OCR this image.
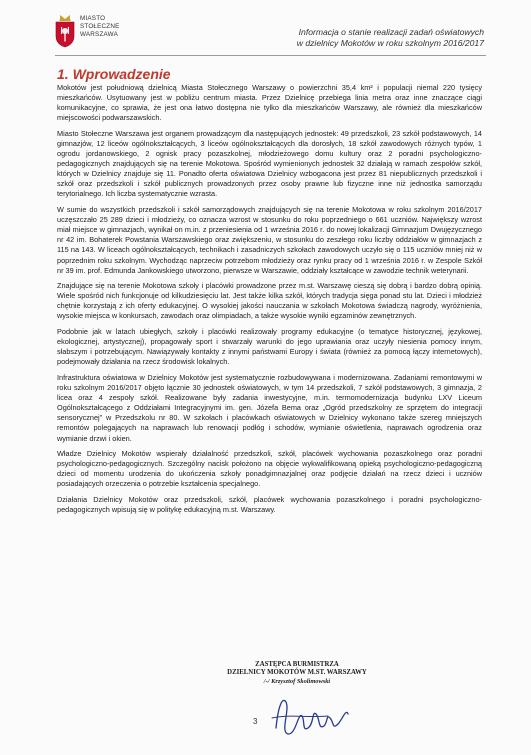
MIASTO
STOŁECZNE
WARSZAWA	Informacja o stanie realizacji zadań oświatowych
w dzielnicy Mokotów w roku szkolnym 2016/2017
1. Wprowadzenie

Mokotów jest południową dzielnicą Miasta Stołecznego Warszawy o powierzchni 35,4 km² i populacji niemal 220 tysięcy mieszkańców. Usytuowany jest w pobliżu centrum miasta. Przez Dzielnicę przebiega linia metra oraz inne znaczące ciągi komunikacyjne, co sprawia, że jest ona łatwo dostępna nie tylko dla mieszkańców Warszawy, ale również dla mieszkańców miejscowości podwarszawskich.

Miasto Stołeczne Warszawa jest organem prowadzącym dla następujących jednostek: 49 przedszkoli, 23 szkół podstawowych, 14 gimnazjów, 12 liceów ogólnokształcących, 3 liceów ogólnokształcących dla dorosłych, 18 szkół zawodowych różnych typów, 1 ogrodu jordanowskiego, 2 ognisk pracy pozaszkolnej, młodzieżowego domu kultury oraz 2 poradni psychologiczno-pedagogicznych znajdujących się na terenie Mokotowa. Spośród wymienionych jednostek 32 działają w ramach zespołów szkół, których w Dzielnicy znajduje się 11. Ponadto oferta oświatowa Dzielnicy wzbogacona jest przez 81 niepublicznych przedszkoli i szkół oraz przedszkoli i szkół publicznych prowadzonych przez osoby prawne lub fizyczne inne niż jednostka samorządu terytorialnego. Ich liczba systematycznie wzrasta.

W sumie do wszystkich przedszkoli i szkół samorządowych znajdujących się na terenie Mokotowa w roku szkolnym 2016/2017 uczęszczało 25 289 dzieci i młodzieży, co oznacza wzrost w stosunku do roku poprzedniego o 661 uczniów. Największy wzrost miał miejsce w gimnazjach, wynikał on m.in. z przeniesienia od 1 września 2016 r. do nowej lokalizacji Gimnazjum Dwujęzycznego nr 42 im. Bohaterek Powstania Warszawskiego oraz zwiększeniu, w stosunku do zeszłego roku liczby oddziałów w gimnazjach z 115 na 143. W liceach ogólnokształcących, technikach i zasadniczych szkołach zawodowych uczyło się o 115 uczniów mniej niż w poprzednim roku szkolnym. Wychodząc naprzeciw potrzebom młodzieży oraz rynku pracy od 1 września 2016 r. w Zespole Szkół nr 39 im. prof. Edmunda Jankowskiego utworzono, pierwsze w Warszawie, oddziały kształcące w zawodzie technik weterynarii.

Znajdujące się na terenie Mokotowa szkoły i placówki prowadzone przez m.st. Warszawę cieszą się dobrą i bardzo dobrą opinią. Wiele spośród nich funkcjonuje od kilkudziesięciu lat. Jest także kilka szkół, których tradycja sięga ponad stu lat. Dzieci i młodzież chętnie korzystają z ich oferty edukacyjnej. O wysokiej jakości nauczania w szkołach Mokotowa świadczą nagrody, wyróżnienia, wysokie miejsca w konkursach, zawodach oraz olimpiadach, a także wysokie wyniki egzaminów zewnętrznych.

Podobnie jak w latach ubiegłych, szkoły i placówki realizowały programy edukacyjne (o tematyce historycznej, językowej, ekologicznej, artystycznej), propagowały sport i stwarzały warunki do jego uprawiania oraz uczyły niesienia pomocy innym, słabszym i potrzebującym. Nawiązywały kontakty z innymi państwami Europy i świata (również za pomocą łączy internetowych), podejmowały działania na rzecz środowisk lokalnych.

Infrastruktura oświatowa w Dzielnicy Mokotów jest systematycznie rozbudowywana i modernizowana. Zadaniami remontowymi w roku szkolnym 2016/2017 objęto łącznie 30 jednostek oświatowych, w tym 14 przedszkoli, 7 szkół podstawowych, 3 gimnazja, 2 licea oraz 4 zespoły szkół. Realizowane były zadania inwestycyjne, m.in. termomodernizacja budynku LXV Liceum Ogólnokształcącego z Oddziałami Integracyjnymi im. gen. Józefa Bema oraz „Ogród przedszkolny ze sprzętem do integracji sensorycznej” w Przedszkolu nr 80. W szkołach i placówkach oświatowych w Dzielnicy wykonano także szereg mniejszych remontów polegających na naprawach lub renowacji podłóg i schodów, wymianie oświetlenia, naprawach ogrodzenia oraz wymianie drzwi i okien.

Władze Dzielnicy Mokotów wspierały działalność przedszkoli, szkół, placówek wychowania pozaszkolnego oraz poradni psychologiczno-pedagogicznych. Szczególny nacisk położono na objęcie wykwalifikowaną opieką psychologiczno-pedagogiczną dzieci od momentu urodzenia do ukończenia szkoły ponadgimnazjalnej oraz podjęcie działań na rzecz dzieci i uczniów posiadających orzeczenia o potrzebie kształcenia specjalnego.

Działania Dzielnicy Mokotów oraz przedszkoli, szkół, placówek wychowania pozaszkolnego i poradni psychologiczno-pedagogicznych wpisują się w politykę edukacyjną m.st. Warszawy.

ZASTĘPCA BURMISTRZA
DZIELNICY MOKOTÓW M.ST. WARSZAWY
/-/ Krzysztof Skolimowski
3
